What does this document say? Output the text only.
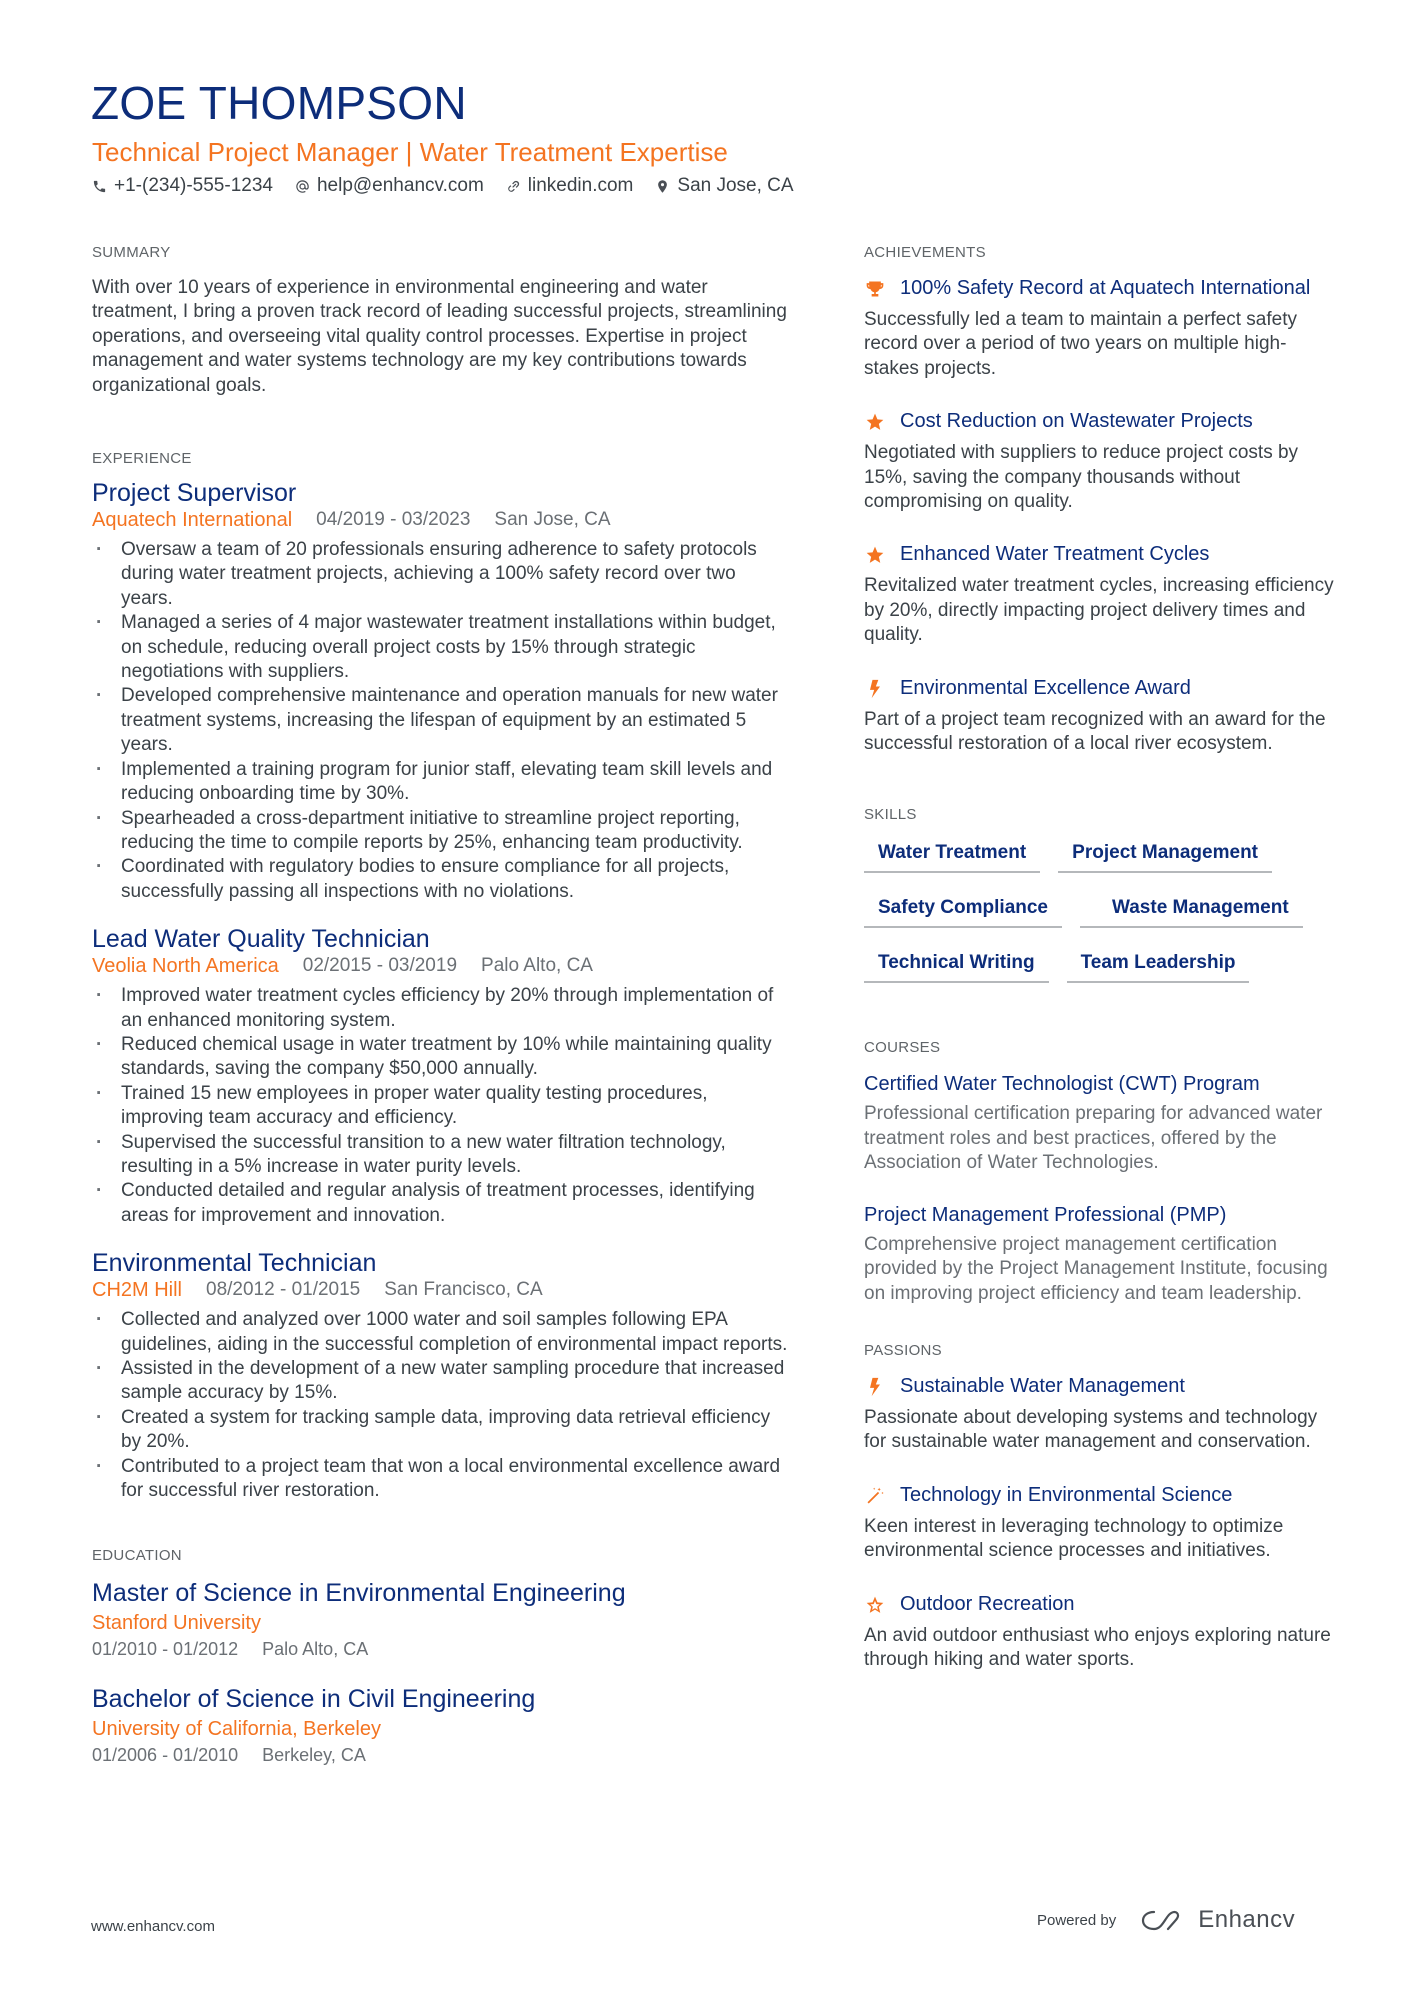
ZOE THOMPSON
Technical Project Manager | Water Treatment Expertise
+1-(234)-555-1234 help@enhancv.com linkedin.com San Jose, CA
SUMMARY
With over 10 years of experience in environmental engineering and water treatment, I bring a proven track record of leading successful projects, streamlining operations, and overseeing vital quality control processes. Expertise in project management and water systems technology are my key contributions towards organizational goals.
EXPERIENCE
Project Supervisor
Aquatech International 04/2019 - 03/2023 San Jose, CA
· Oversaw a team of 20 professionals ensuring adherence to safety protocols during water treatment projects, achieving a 100% safety record over two years.
· Managed a series of 4 major wastewater treatment installations within budget, on schedule, reducing overall project costs by 15% through strategic negotiations with suppliers.
· Developed comprehensive maintenance and operation manuals for new water treatment systems, increasing the lifespan of equipment by an estimated 5 years.
· Implemented a training program for junior staff, elevating team skill levels and reducing onboarding time by 30%.
· Spearheaded a cross-department initiative to streamline project reporting, reducing the time to compile reports by 25%, enhancing team productivity.
· Coordinated with regulatory bodies to ensure compliance for all projects, successfully passing all inspections with no violations.
Lead Water Quality Technician
Veolia North America 02/2015 - 03/2019 Palo Alto, CA
· Improved water treatment cycles efficiency by 20% through implementation of an enhanced monitoring system.
· Reduced chemical usage in water treatment by 10% while maintaining quality standards, saving the company $50,000 annually.
· Trained 15 new employees in proper water quality testing procedures, improving team accuracy and efficiency.
· Supervised the successful transition to a new water filtration technology, resulting in a 5% increase in water purity levels.
· Conducted detailed and regular analysis of treatment processes, identifying areas for improvement and innovation.
Environmental Technician
CH2M Hill 08/2012 - 01/2015 San Francisco, CA
· Collected and analyzed over 1000 water and soil samples following EPA guidelines, aiding in the successful completion of environmental impact reports.
· Assisted in the development of a new water sampling procedure that increased sample accuracy by 15%.
· Created a system for tracking sample data, improving data retrieval efficiency by 20%.
· Contributed to a project team that won a local environmental excellence award for successful river restoration.
EDUCATION
Master of Science in Environmental Engineering
Stanford University
01/2010 - 01/2012 Palo Alto, CA
Bachelor of Science in Civil Engineering
University of California, Berkeley
01/2006 - 01/2010 Berkeley, CA
ACHIEVEMENTS
100% Safety Record at Aquatech International
Successfully led a team to maintain a perfect safety record over a period of two years on multiple high-stakes projects.
Cost Reduction on Wastewater Projects
Negotiated with suppliers to reduce project costs by 15%, saving the company thousands without compromising on quality.
Enhanced Water Treatment Cycles
Revitalized water treatment cycles, increasing efficiency by 20%, directly impacting project delivery times and quality.
Environmental Excellence Award
Part of a project team recognized with an award for the successful restoration of a local river ecosystem.
SKILLS
Water Treatment	Project Management
Safety Compliance	Waste Management
Technical Writing	Team Leadership
COURSES
Certified Water Technologist (CWT) Program
Professional certification preparing for advanced water treatment roles and best practices, offered by the Association of Water Technologies.
Project Management Professional (PMP)
Comprehensive project management certification provided by the Project Management Institute, focusing on improving project efficiency and team leadership.
PASSIONS
Sustainable Water Management
Passionate about developing systems and technology for sustainable water management and conservation.
Technology in Environmental Science
Keen interest in leveraging technology to optimize environmental science processes and initiatives.
Outdoor Recreation
An avid outdoor enthusiast who enjoys exploring nature through hiking and water sports.
www.enhancv.com	Powered by	Enhancv
